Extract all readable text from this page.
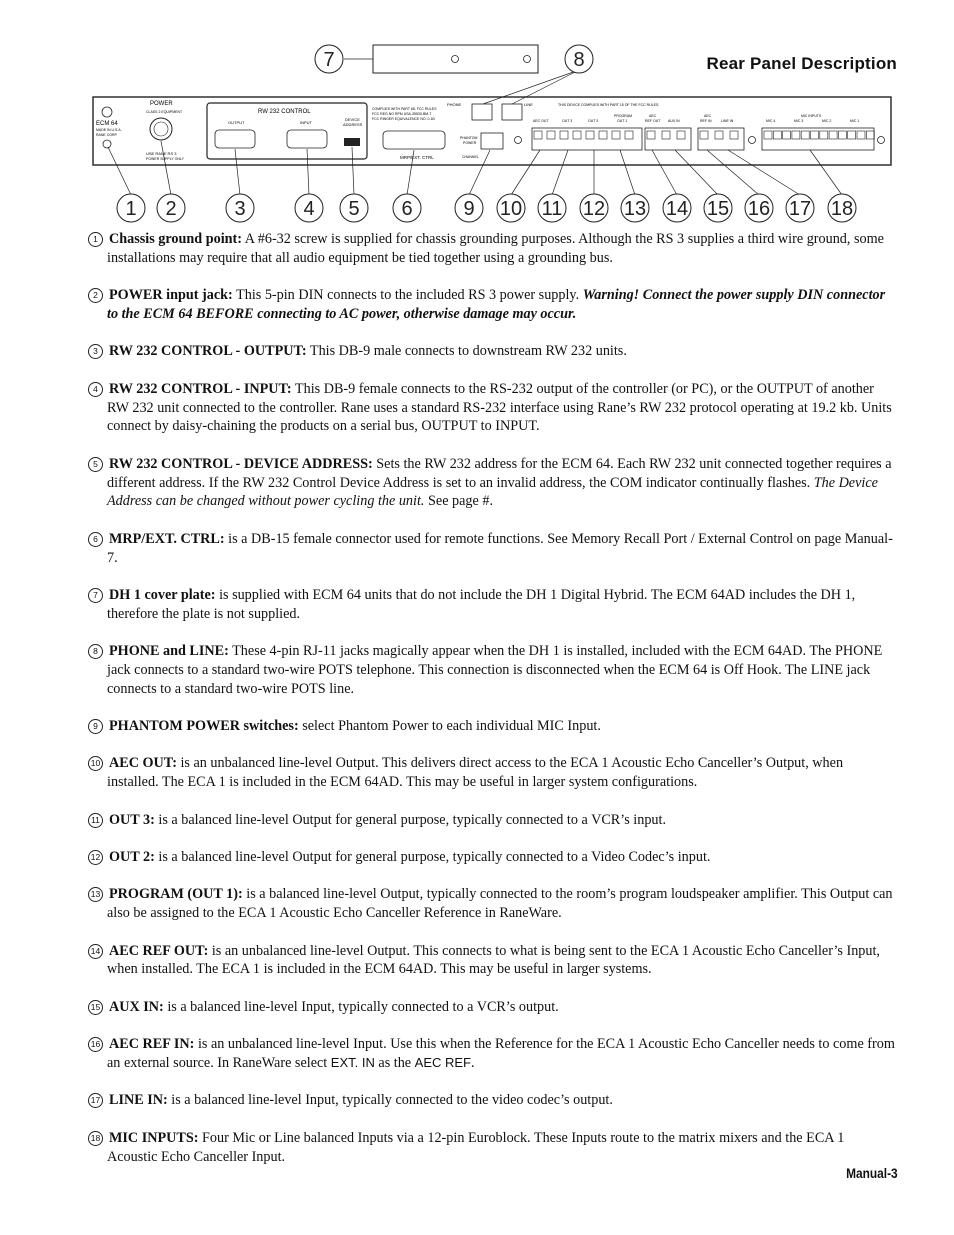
Rear Panel Description
POWER
CLASS 2 EQUIPMENT
ECM 64
MADE IN U.S.A.
RANE CORP.
USE RANE RS 3
POWER SUPPLY ONLY
RW 232 CONTROL
OUTPUT	INPUT
DEVICE
ADDRESS
COMPLIES WITH PART 68, FCC RULES
FCC REG NO RPM USA-35530-BM-T
FCC RINGER EQUIVALENCE NO. 0.1B
MRP/EXT. CTRL
PHONE	LINE
PHANTOM
POWER
CHANNEL
THIS DEVICE COMPLIES WITH PART 15 OF THE FCC RULES.
AEC OUT	OUT 3	OUT 2
PROGRAM
OUT 1
AEC
REF OUT AUX IN
AEC
REF IN	LINE IN
MIC INPUTS
MIC 4	MIC 3	MIC 2	MIC 1
1 2	3	4 5 6
7	8
9 10 11 12 13 14 15 16 17 18
1 Chassis ground point: A #6-32 screw is supplied for chassis grounding purposes. Although the RS 3 supplies a third wire ground, some installations may require that all audio equipment be tied together using a grounding bus.
2 POWER input jack: This 5-pin DIN connects to the included RS 3 power supply. Warning! Connect the power supply DIN connector to the ECM 64 BEFORE connecting to AC power, otherwise damage may occur.
3 RW 232 CONTROL - OUTPUT: This DB-9 male connects to downstream RW 232 units.
4 RW 232 CONTROL - INPUT: This DB-9 female connects to the RS-232 output of the controller (or PC), or the OUTPUT of another RW 232 unit connected to the controller. Rane uses a standard RS-232 interface using Rane’s RW 232 protocol operating at 19.2 kb. Units connect by daisy-chaining the products on a serial bus, OUTPUT to INPUT.
5 RW 232 CONTROL - DEVICE ADDRESS: Sets the RW 232 address for the ECM 64. Each RW 232 unit connected together requires a different address. If the RW 232 Control Device Address is set to an invalid address, the COM indicator continually flashes. The Device Address can be changed without power cycling the unit. See page #.
6 MRP/EXT. CTRL: is a DB-15 female connector used for remote functions. See Memory Recall Port / External Control on page Manual-7.
7 DH 1 cover plate: is supplied with ECM 64 units that do not include the DH 1 Digital Hybrid. The ECM 64AD includes the DH 1, therefore the plate is not supplied.
8 PHONE and LINE: These 4-pin RJ-11 jacks magically appear when the DH 1 is installed, included with the ECM 64AD. The PHONE jack connects to a standard two-wire POTS telephone. This connection is disconnected when the ECM 64 is Off Hook. The LINE jack connects to a standard two-wire POTS line.
9 PHANTOM POWER switches: select Phantom Power to each individual MIC Input.
10 AEC OUT: is an unbalanced line-level Output. This delivers direct access to the ECA 1 Acoustic Echo Canceller’s Output, when installed. The ECA 1 is included in the ECM 64AD. This may be useful in larger system configurations.
11 OUT 3: is a balanced line-level Output for general purpose, typically connected to a VCR’s input.
12 OUT 2: is a balanced line-level Output for general purpose, typically connected to a Video Codec’s input.
13 PROGRAM (OUT 1): is a balanced line-level Output, typically connected to the room’s program loudspeaker amplifier. This Output can also be assigned to the ECA 1 Acoustic Echo Canceller Reference in RaneWare.
14 AEC REF OUT: is an unbalanced line-level Output. This connects to what is being sent to the ECA 1 Acoustic Echo Canceller’s Input, when installed. The ECA 1 is included in the ECM 64AD. This may be useful in larger systems.
15 AUX IN: is a balanced line-level Input, typically connected to a VCR’s output.
16 AEC REF IN: is an unbalanced line-level Input. Use this when the Reference for the ECA 1 Acoustic Echo Canceller needs to come from an external source. In RaneWare select EXT. IN as the AEC REF.
17 LINE IN: is a balanced line-level Input, typically connected to the video codec’s output.
18 MIC INPUTS: Four Mic or Line balanced Inputs via a 12-pin Euroblock. These Inputs route to the matrix mixers and the ECA 1 Acoustic Echo Canceller Input.
Manual-3
